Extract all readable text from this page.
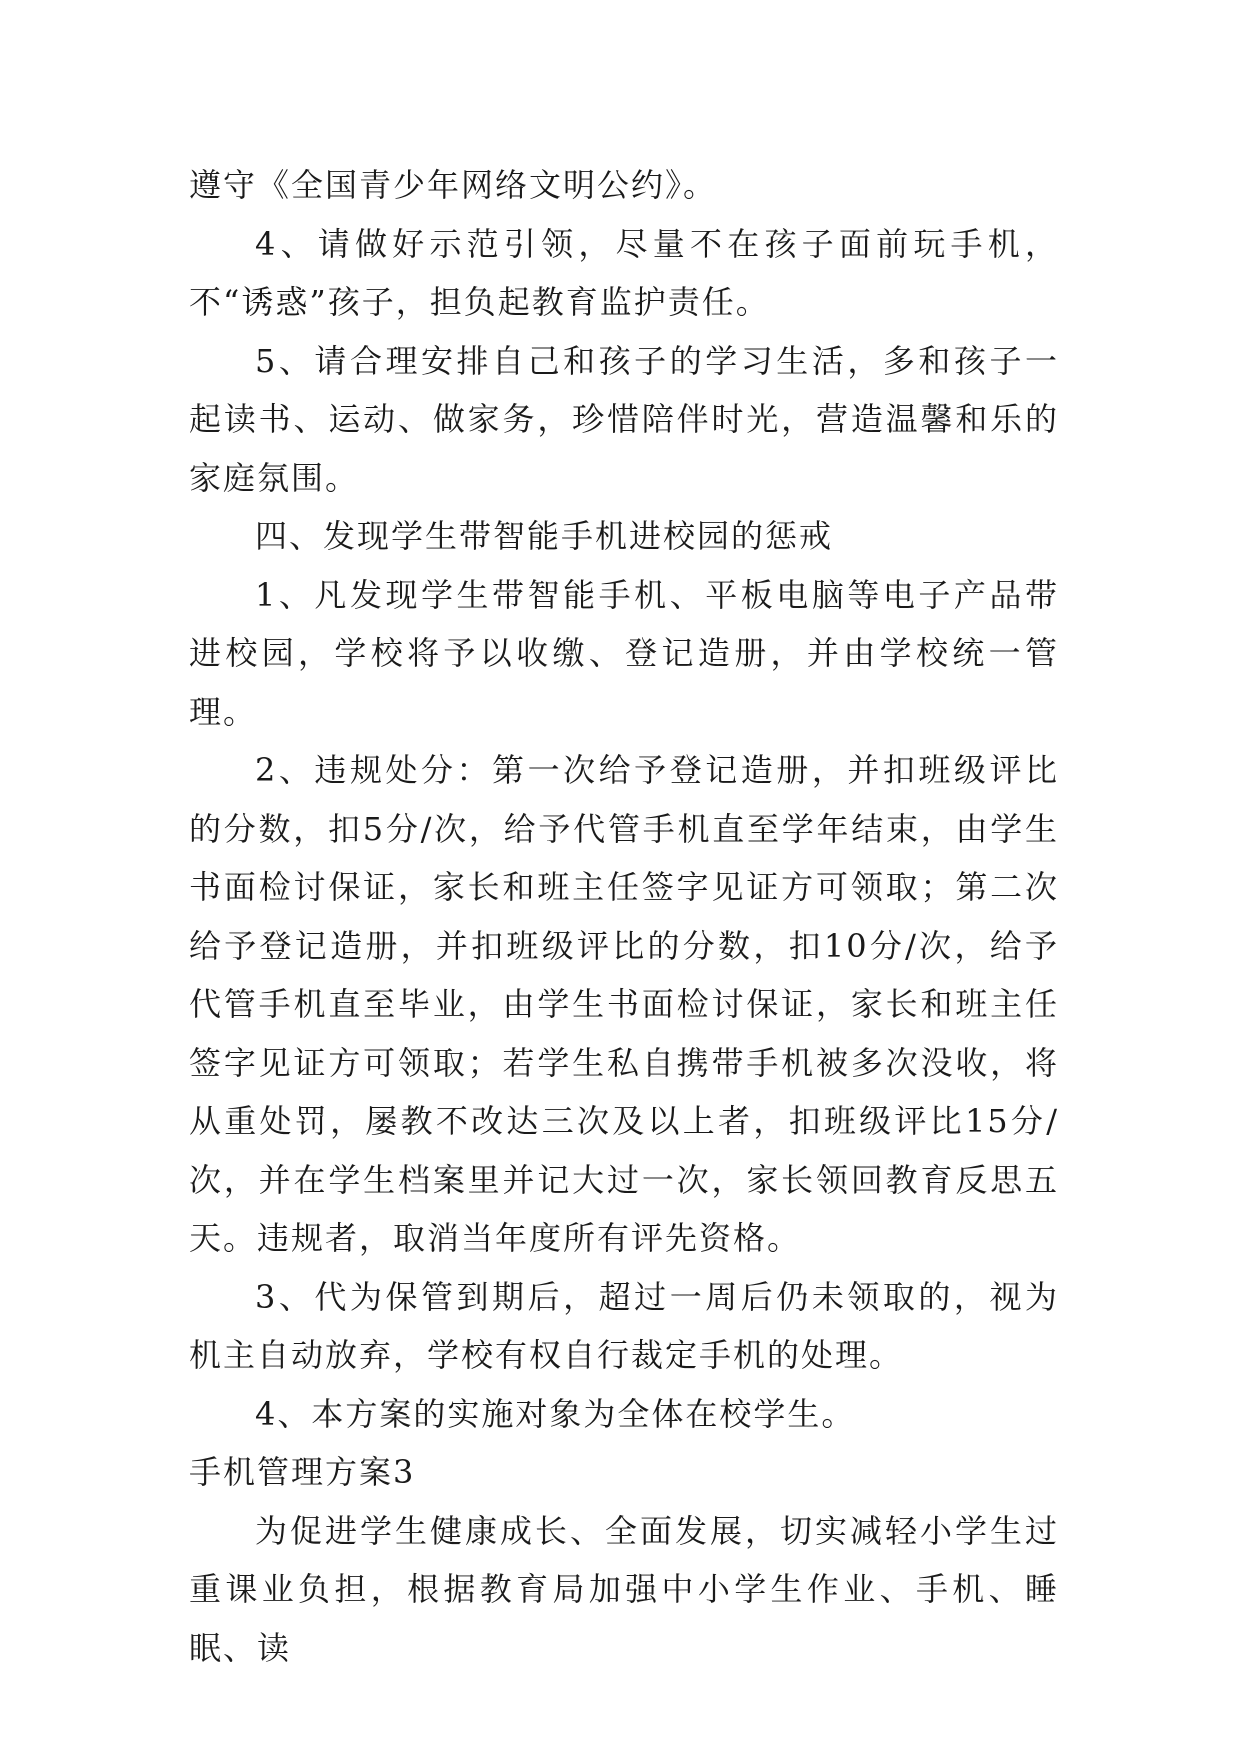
遵守《全国青少年网络文明公约》。

4、请做好示范引领，尽量不在孩子面前玩手机，不“诱惑”孩子，担负起教育监护责任。

5、请合理安排自己和孩子的学习生活，多和孩子一起读书、运动、做家务，珍惜陪伴时光，营造温馨和乐的家庭氛围。

四、发现学生带智能手机进校园的惩戒

1、凡发现学生带智能手机、平板电脑等电子产品带进校园，学校将予以收缴、登记造册，并由学校统一管理。

2、违规处分：第一次给予登记造册，并扣班级评比的分数，扣5分/次，给予代管手机直至学年结束，由学生书面检讨保证，家长和班主任签字见证方可领取；第二次给予登记造册，并扣班级评比的分数，扣10分/次，给予代管手机直至毕业，由学生书面检讨保证，家长和班主任签字见证方可领取；若学生私自携带手机被多次没收，将从重处罚，屡教不改达三次及以上者，扣班级评比15分/次，并在学生档案里并记大过一次，家长领回教育反思五天。违规者，取消当年度所有评先资格。

3、代为保管到期后，超过一周后仍未领取的，视为机主自动放弃，学校有权自行裁定手机的处理。

4、本方案的实施对象为全体在校学生。

手机管理方案3

为促进学生健康成长、全面发展，切实减轻小学生过重课业负担，根据教育局加强中小学生作业、手机、睡眠、读
